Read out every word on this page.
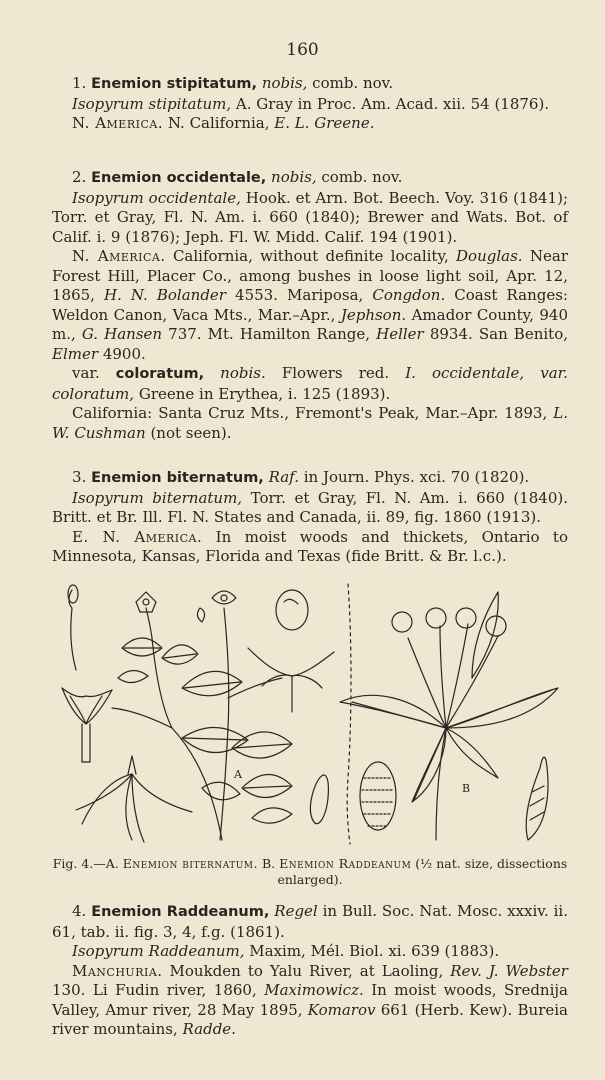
160

1. Enemion stipitatum, nobis, comb. nov.

Isopyrum stipitatum, A. Gray in Proc. Am. Acad. xii. 54 (1876).

N. America. N. California, E. L. Greene.

2. Enemion occidentale, nobis, comb. nov.

Isopyrum occidentale, Hook. et Arn. Bot. Beech. Voy. 316 (1841); Torr. et Gray, Fl. N. Am. i. 660 (1840); Brewer and Wats. Bot. of Calif. i. 9 (1876); Jeph. Fl. W. Midd. Calif. 194 (1901).

N. America. California, without definite locality, Douglas. Near Forest Hill, Placer Co., among bushes in loose light soil, Apr. 12, 1865, H. N. Bolander 4553. Mariposa, Congdon. Coast Ranges: Weldon Canon, Vaca Mts., Mar.–Apr., Jephson. Amador County, 940 m., G. Hansen 737. Mt. Hamilton Range, Heller 8934. San Benito, Elmer 4900.

var. coloratum, nobis. Flowers red. I. occidentale, var. coloratum, Greene in Erythea, i. 125 (1893).

California: Santa Cruz Mts., Fremont's Peak, Mar.–Apr. 1893, L. W. Cushman (not seen).

3. Enemion biternatum, Raf. in Journ. Phys. xci. 70 (1820).

Isopyrum biternatum, Torr. et Gray, Fl. N. Am. i. 660 (1840). Britt. et Br. Ill. Fl. N. States and Canada, ii. 89, fig. 1860 (1913).

E. N. America. In moist woods and thickets, Ontario to Minnesota, Kansas, Florida and Texas (fide Britt. & Br. l.c.).

A
B
Fig. 4.—A. Enemion biternatum. B. Enemion Raddeanum (½ nat. size, dissections enlarged).

4. Enemion Raddeanum, Regel in Bull. Soc. Nat. Mosc. xxxiv. ii. 61, tab. ii. fig. 3, 4, f.g. (1861).

Isopyrum Raddeanum, Maxim, Mél. Biol. xi. 639 (1883).

Manchuria. Moukden to Yalu River, at Laoling, Rev. J. Webster 130. Li Fudin river, 1860, Maximowicz. In moist woods, Srednija Valley, Amur river, 28 May 1895, Komarov 661 (Herb. Kew). Bureia river mountains, Radde.
